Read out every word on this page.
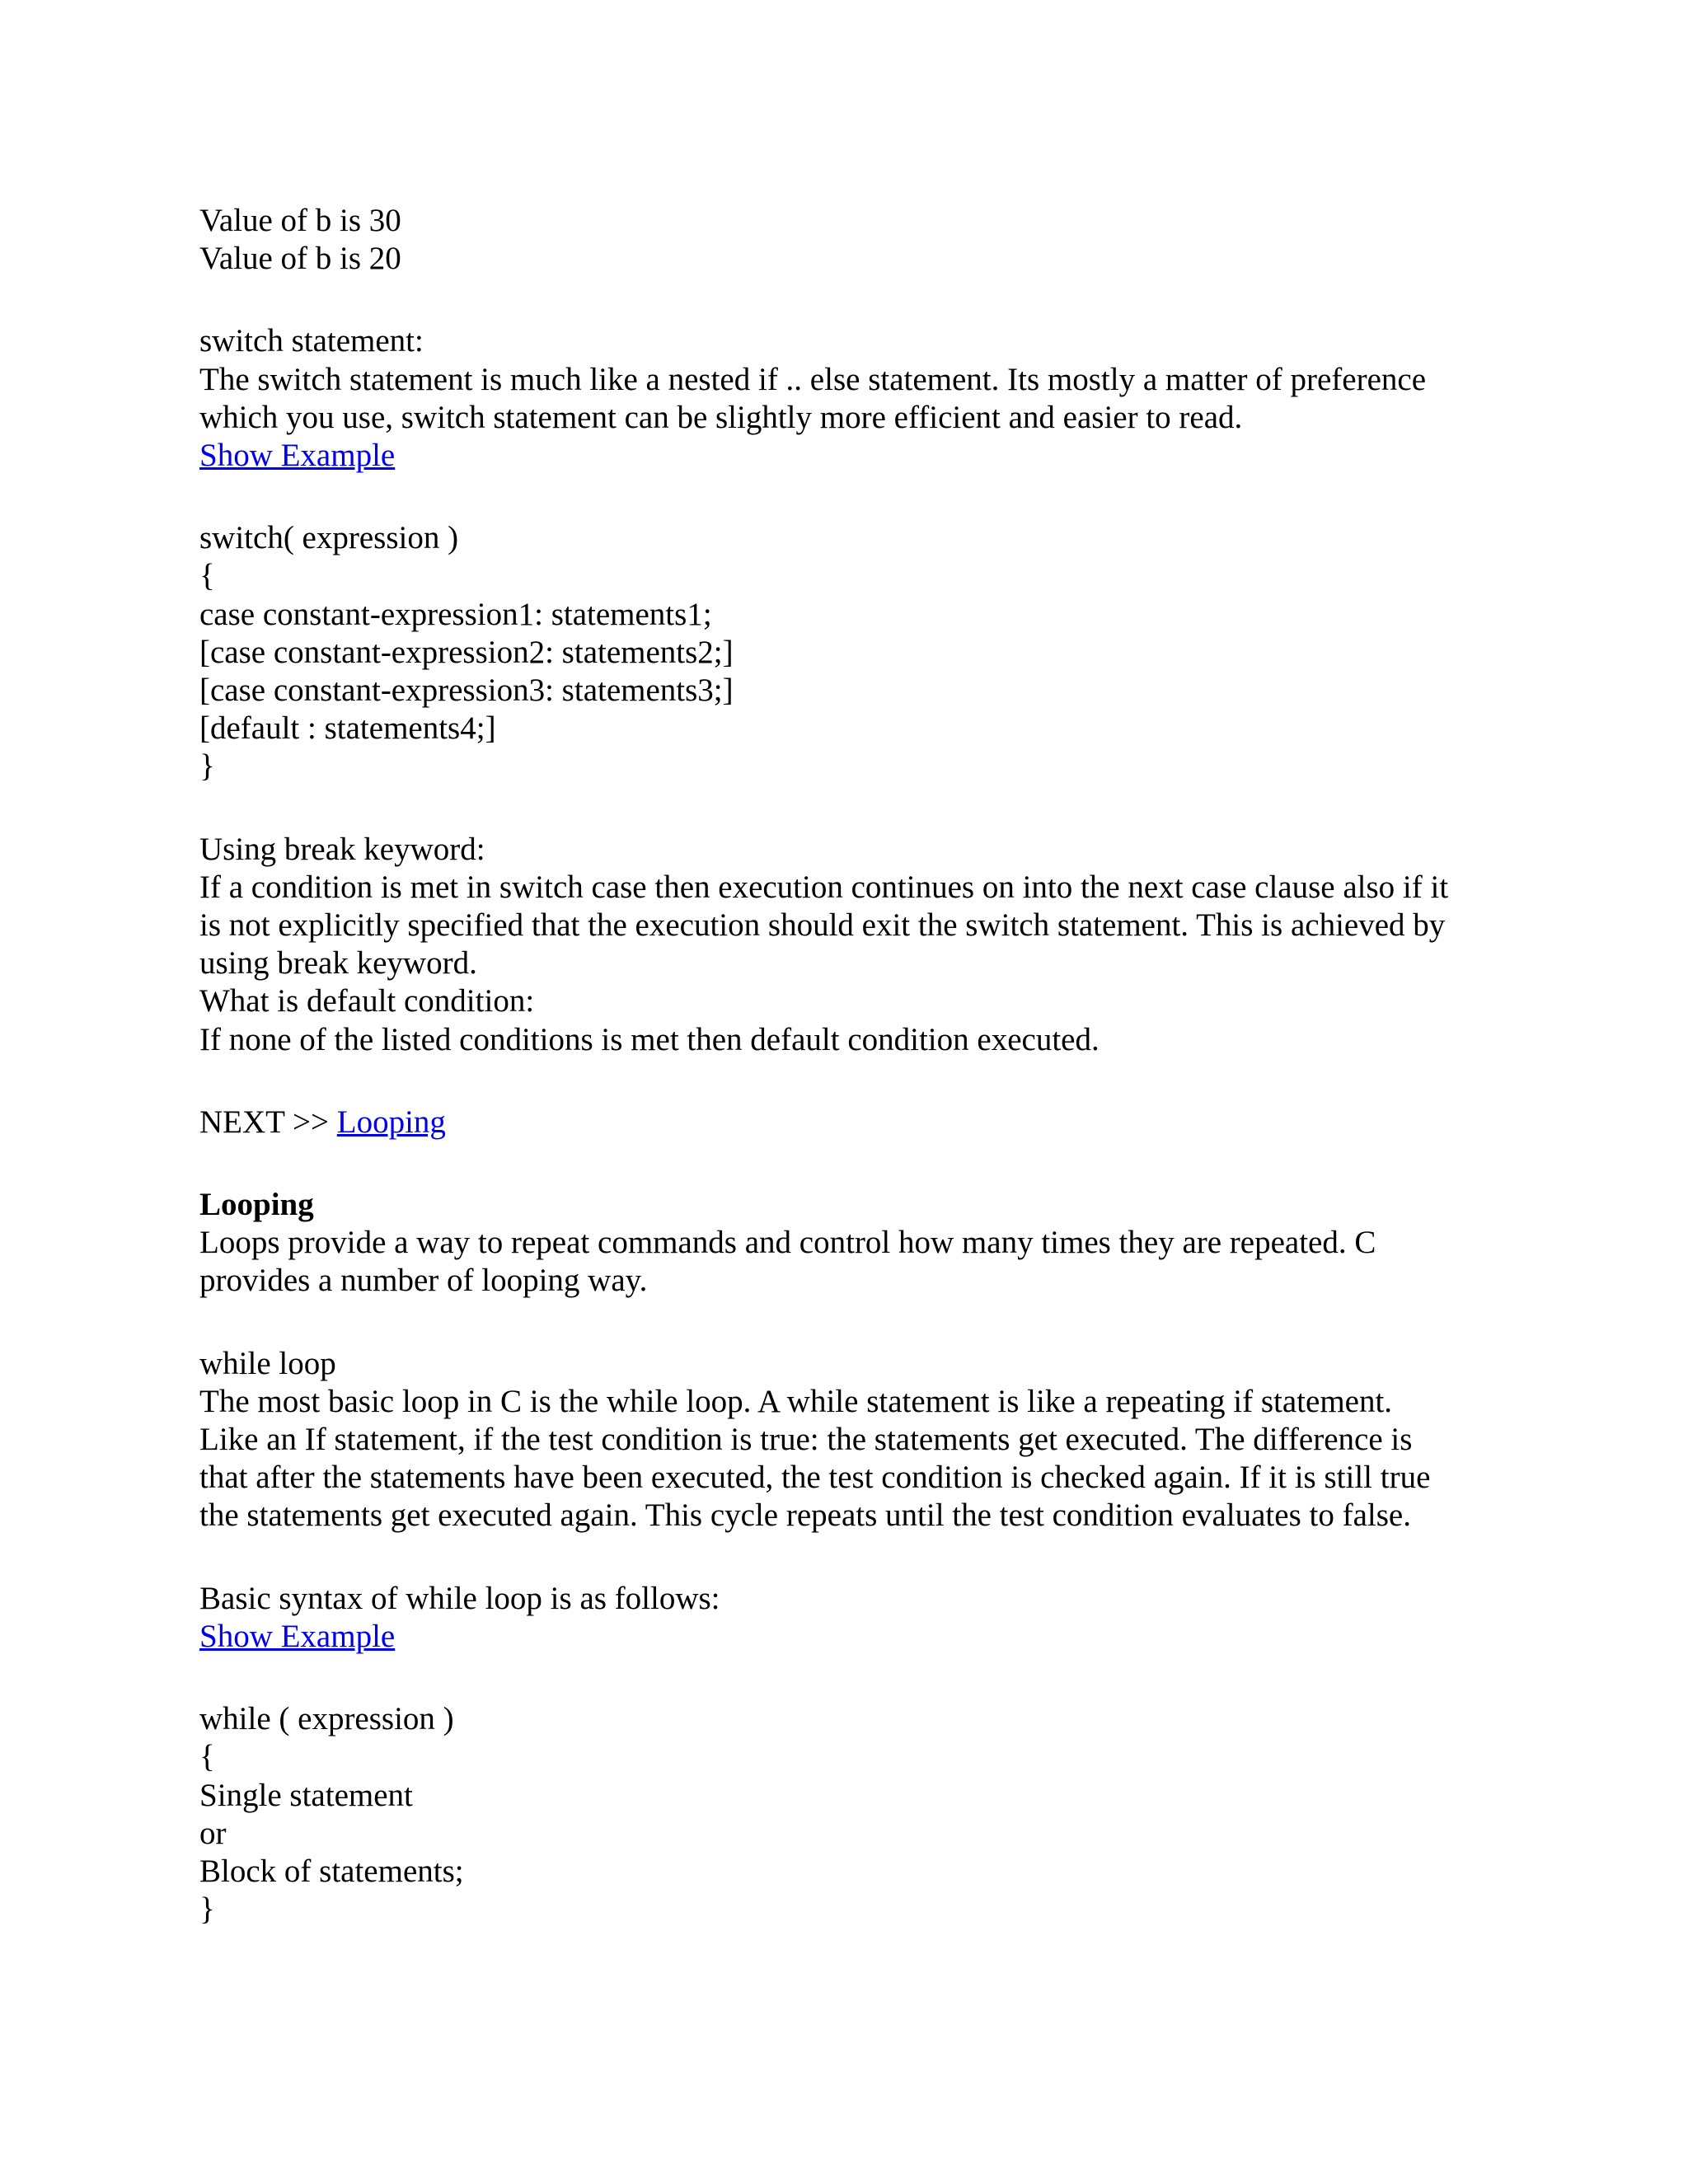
Value of b is 30
Value of b is 20
switch statement:
The switch statement is much like a nested if .. else statement. Its mostly a matter of preference
which you use, switch statement can be slightly more efficient and easier to read.
Show Example
switch( expression )
{
case constant-expression1: statements1;
[case constant-expression2: statements2;]
[case constant-expression3: statements3;]
[default : statements4;]
}
Using break keyword:
If a condition is met in switch case then execution continues on into the next case clause also if it
is not explicitly specified that the execution should exit the switch statement. This is achieved by
using break keyword.
What is default condition:
If none of the listed conditions is met then default condition executed.
NEXT >> Looping
Looping
Loops provide a way to repeat commands and control how many times they are repeated. C
provides a number of looping way.
while loop
The most basic loop in C is the while loop. A while statement is like a repeating if statement.
Like an If statement, if the test condition is true: the statements get executed. The difference is
that after the statements have been executed, the test condition is checked again. If it is still true
the statements get executed again. This cycle repeats until the test condition evaluates to false.
Basic syntax of while loop is as follows:
Show Example
while ( expression )
{
Single statement
or
Block of statements;
}
